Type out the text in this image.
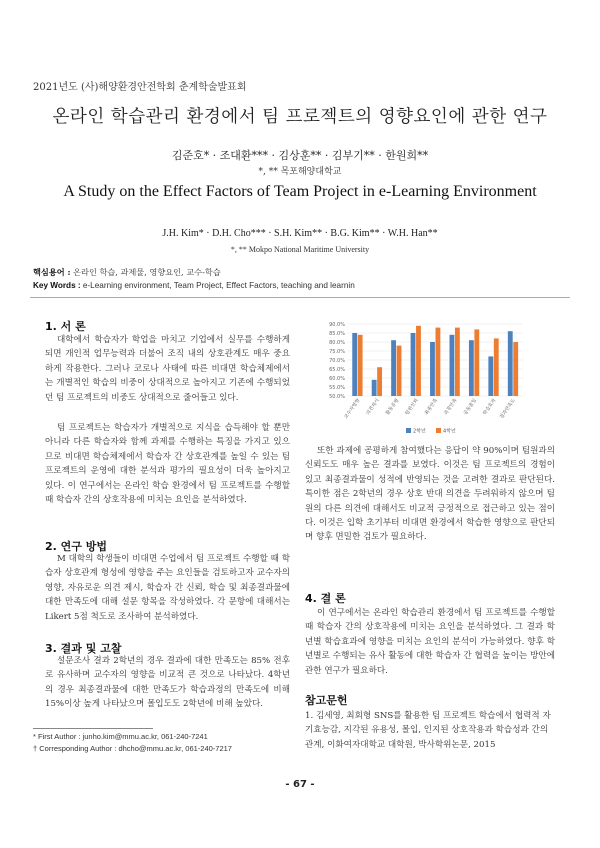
2021년도 (사)해양환경안전학회 춘계학술발표회
온라인 학습관리 환경에서 팀 프로젝트의 영향요인에 관한 연구
김준호* · 조대환*** · 김상훈** · 김부기** · 한원희**
*, ** 목포해양대학교
A Study on the Effect Factors of Team Project in e-Learning Environment
J.H. Kim* · D.H. Cho*** · S.H. Kim** · B.G. Kim** · W.H. Han**
*, ** Mokpo National Maritime University
핵심용어 : 온라인 학습, 과제물, 영향요인, 교수-학습
Key Words : e-Learning environment, Team Project, Effect Factors, teaching and learnin
1. 서 론
대학에서 학습자가 학업을 마치고 기업에서 실무를 수행하게 되면 개인적 업무능력과 더불어 조직 내의 상호관계도 매우 중요하게 작용한다. 그러나 코로나 사태에 따른 비대면 학습체제에서는 개별적인 학습의 비중이 상대적으로 높아지고 기존에 수행되었던 팀 프로젝트의 비중도 상대적으로 줄어들고 있다.
팀 프로젝트는 학습자가 개별적으로 지식을 습득해야 할 뿐만 아니라 다른 학습자와 함께 과제를 수행하는 특징을 가지고 있으므로 비대면 학습체제에서 학습자 간 상호관계를 높일 수 있는 팀 프로젝트의 운영에 대한 분석과 평가의 필요성이 더욱 높아지고 있다. 이 연구에서는 온라인 학습 환경에서 팀 프로젝트를 수행할 때 학습자 간의 상호작용에 미치는 요인을 분석하였다.
2. 연구 방법
M 대학의 학생들이 비대면 수업에서 팀 프로젝트 수행할 때 학습자 상호관계 형성에 영향을 주는 요인들을 검토하고자 교수자의 영향, 자유로운 의견 제시, 학습자 간 신뢰, 학습 및 최종결과물에 대한 만족도에 대해 설문 항목을 작성하였다. 각 문항에 대해서는 Likert 5점 척도로 조사하여 분석하였다.
3. 결과 및 고찰
설문조사 결과 2학년의 경우 결과에 대한 만족도는 85% 전후로 유사하며 교수자의 영향을 비교적 큰 것으로 나타났다. 4학년의 경우 최종결과물에 대한 만족도가 학습과정의 만족도에 비해 15%이상 높게 나타났으며 몰입도도 2학년에 비해 높았다.
* First Author : junho.kim@mmu.ac.kr, 061-240-7241
† Corresponding Author : dhcho@mmu.ac.kr, 061-240-7217
90.0%
85.0%
80.0%
75.0%
70.0%
65.0%
60.0%
55.0%
50.0%
교수자영향 의견제시 활동공평 팀원신뢰 최종만족 과정만족 공동몰입 학습효과 결과만족도
2학년	4학년
또한 과제에 공평하게 참여했다는 응답이 약 90%이며 팀원과의 신뢰도도 매우 높은 결과를 보였다. 이것은 팀 프로젝트의 경험이 있고 최종결과물이 성적에 반영되는 것을 고려한 결과로 판단된다. 특이한 점은 2학년의 경우 상호 반대 의견을 두려워하지 않으며 팀원의 다른 의견에 대해서도 비교적 긍정적으로 접근하고 있는 점이다. 이것은 입학 초기부터 비대면 환경에서 학습한 영향으로 판단되며 향후 면밀한 검토가 필요하다.
4. 결 론
이 연구에서는 온라인 학습관리 환경에서 팀 프로젝트를 수행할 때 학습자 간의 상호작용에 미치는 요인을 분석하였다. 그 결과 학년별 학습효과에 영향을 미치는 요인의 분석이 가능하였다. 향후 학년별로 수행되는 유사 활동에 대한 학습자 간 협력을 높이는 방안에 관한 연구가 필요하다.
참고문헌
1. 김세영, 최회형 SNS를 활용한 팀 프로젝트 학습에서 협력적 자기효능감, 지각된 유용성, 몰입, 인지된 상호작용과 학습성과 간의 관계, 이화여자대학교 대학원, 박사학위논문, 2015
- 67 -
